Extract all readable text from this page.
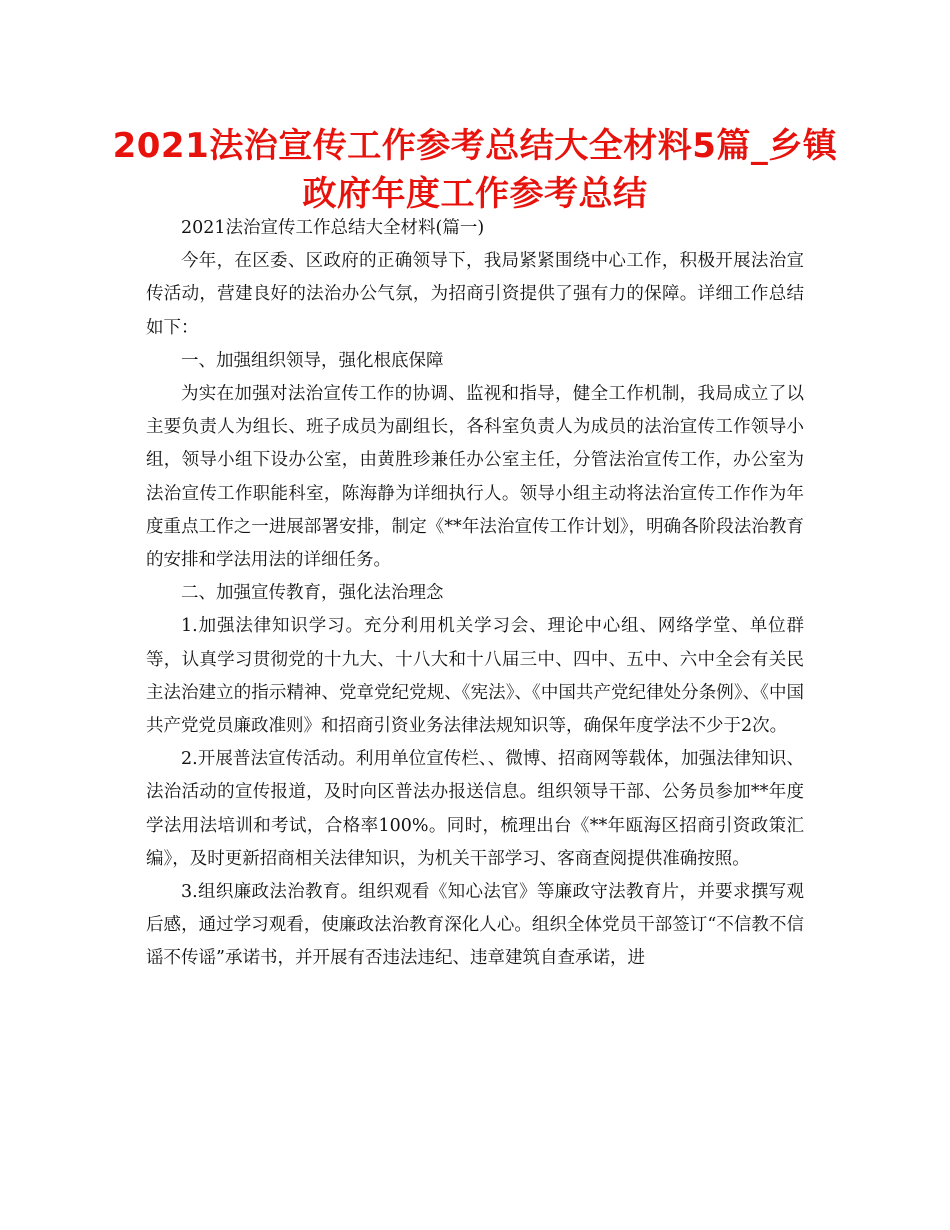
2021法治宣传工作参考总结大全材料5篇_乡镇政府年度工作参考总结

2021法治宣传工作总结大全材料(篇一)

今年，在区委、区政府的正确领导下，我局紧紧围绕中心工作，积极开展法治宣传活动，营建良好的法治办公气氛，为招商引资提供了强有力的保障。详细工作总结如下：

一、加强组织领导，强化根底保障

为实在加强对法治宣传工作的协调、监视和指导，健全工作机制，我局成立了以主要负责人为组长、班子成员为副组长，各科室负责人为成员的法治宣传工作领导小组，领导小组下设办公室，由黄胜珍兼任办公室主任，分管法治宣传工作，办公室为法治宣传工作职能科室，陈海静为详细执行人。领导小组主动将法治宣传工作作为年度重点工作之一进展部署安排，制定《**年法治宣传工作计划》，明确各阶段法治教育的安排和学法用法的详细任务。

二、加强宣传教育，强化法治理念

1.加强法律知识学习。充分利用机关学习会、理论中心组、网络学堂、单位群等，认真学习贯彻党的十九大、十八大和十八届三中、四中、五中、六中全会有关民主法治建立的指示精神、党章党纪党规、《宪法》、《中国共产党纪律处分条例》、《中国共产党党员廉政准则》和招商引资业务法律法规知识等，确保年度学法不少于2次。

2.开展普法宣传活动。利用单位宣传栏、、微博、招商网等载体，加强法律知识、法治活动的宣传报道，及时向区普法办报送信息。组织领导干部、公务员参加**年度学法用法培训和考试，合格率100%。同时，梳理出台《**年瓯海区招商引资政策汇编》，及时更新招商相关法律知识，为机关干部学习、客商查阅提供准确按照。

3.组织廉政法治教育。组织观看《知心法官》等廉政守法教育片，并要求撰写观后感，通过学习观看，使廉政法治教育深化人心。组织全体党员干部签订“不信教不信谣不传谣”承诺书，并开展有否违法违纪、违章建筑自查承诺，进
